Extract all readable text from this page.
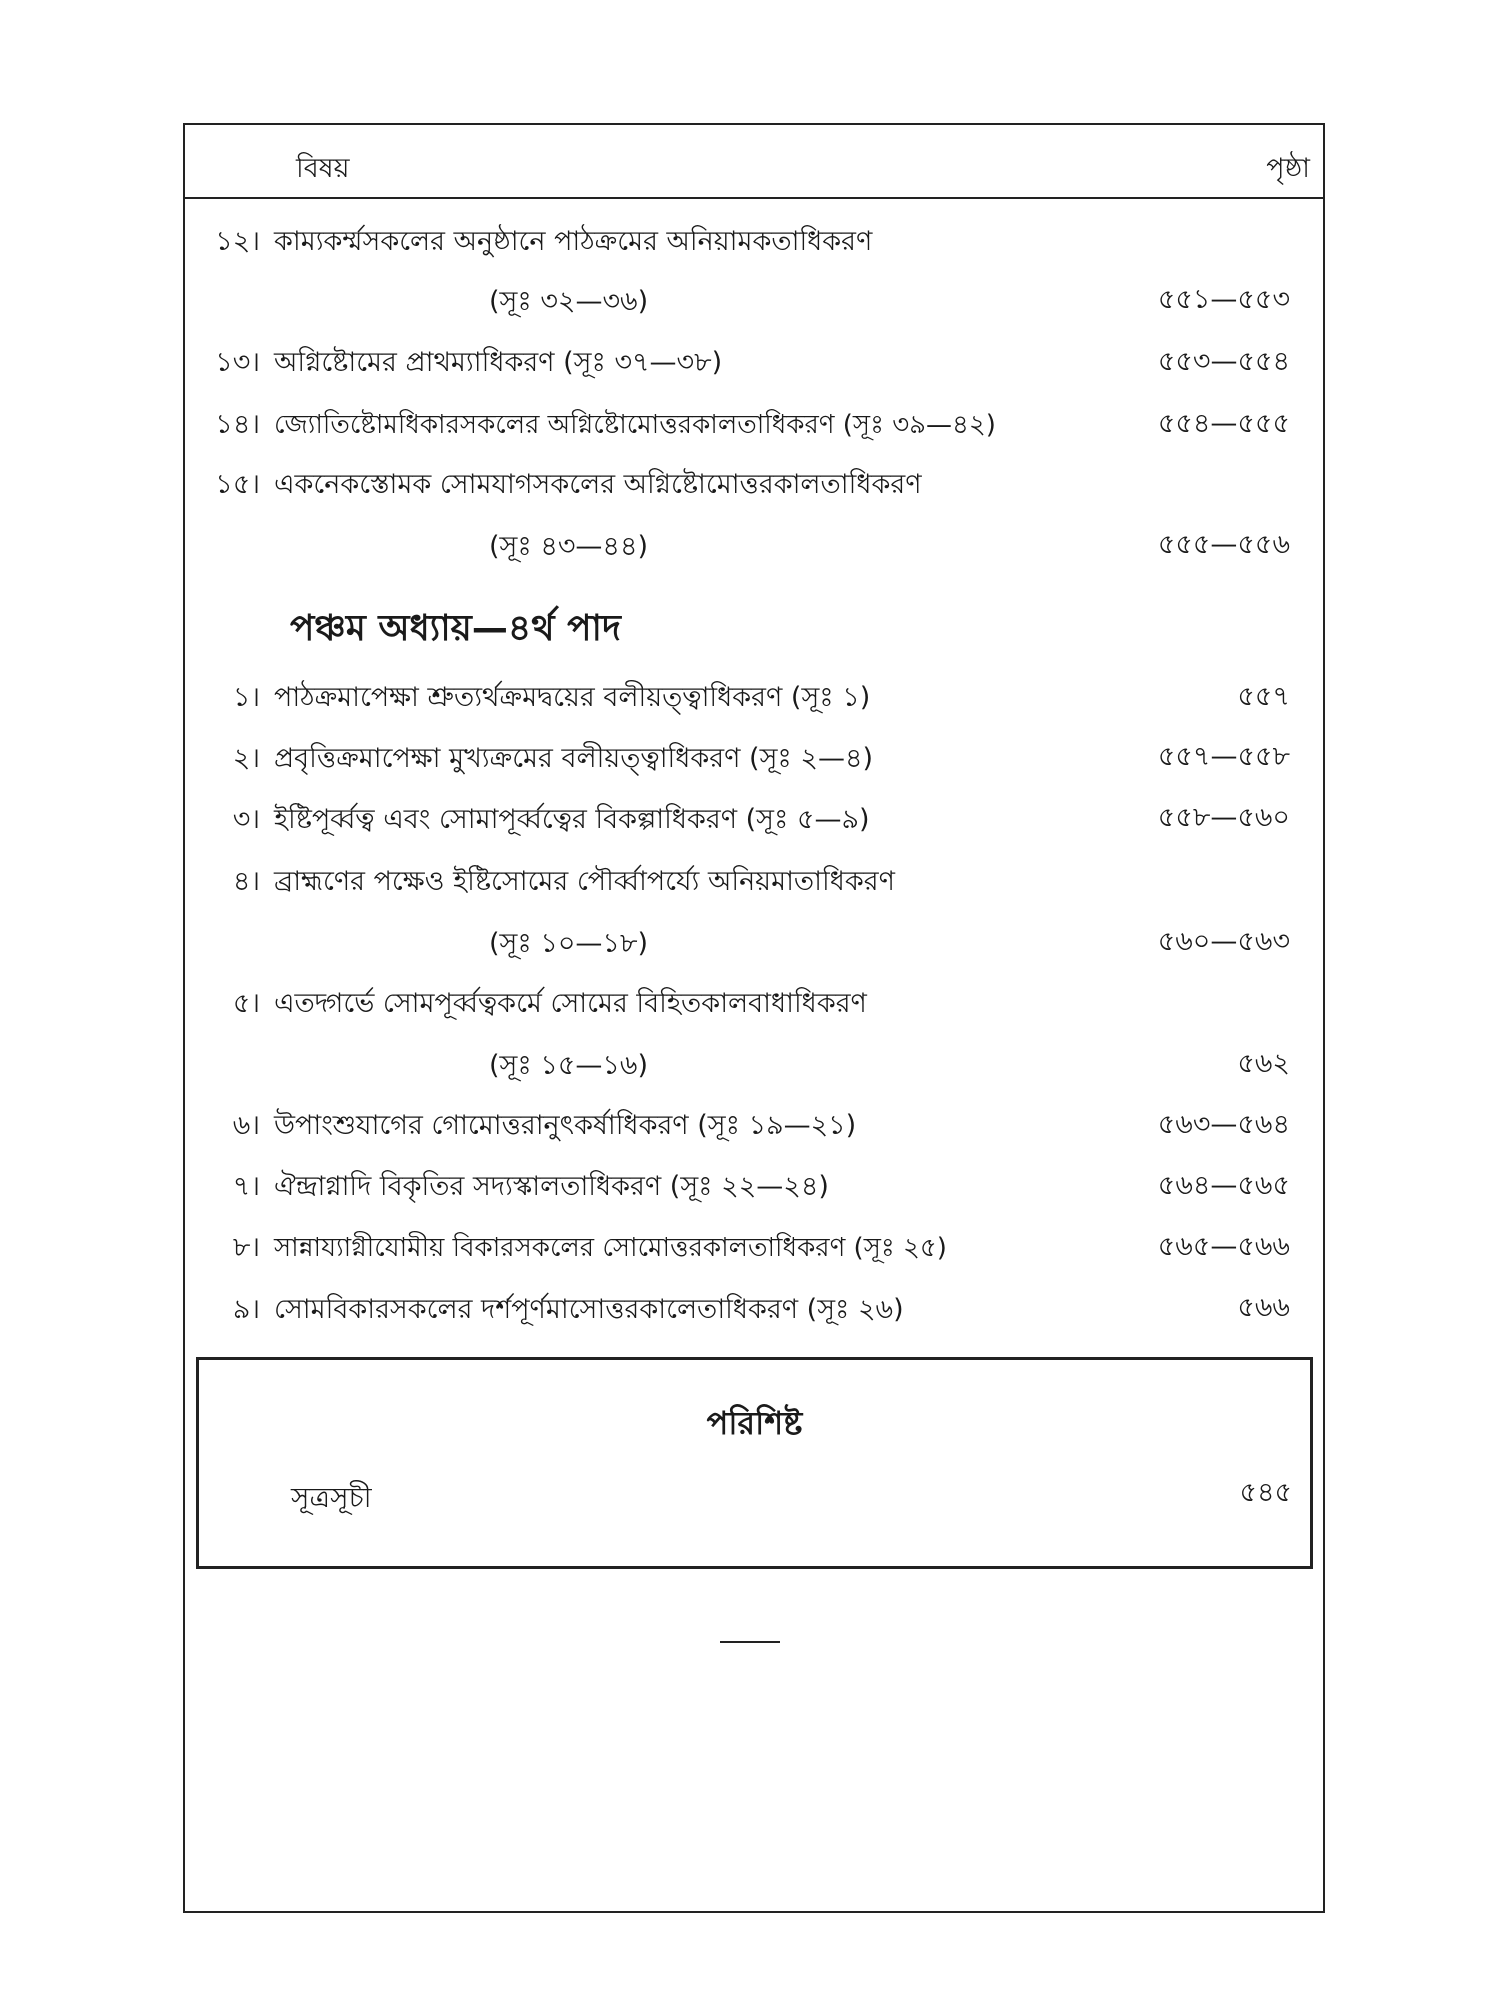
বিষয়	পৃষ্ঠা
১২। কাম্যকর্ম্মসকলের অনুষ্ঠানে পাঠক্রমের অনিয়ামকতাধিকরণ
(সূঃ ৩২—৩৬)	৫৫১—৫৫৩
১৩। অগ্নিষ্টোমের প্রাথম্যাধিকরণ (সূঃ ৩৭—৩৮)	৫৫৩—৫৫৪
১৪। জ্যোতিষ্টোমধিকারসকলের অগ্নিষ্টোমোত্তরকালতাধিকরণ (সূঃ ৩৯—৪২)	৫৫৪—৫৫৫
১৫। একনেকস্তোমক সোমযাগসকলের অগ্নিষ্টোমোত্তরকালতাধিকরণ
(সূঃ ৪৩—৪৪)	৫৫৫—৫৫৬
পঞ্চম অধ্যায়—৪র্থ পাদ
১। পাঠক্রমাপেক্ষা শ্রুত্যর্থক্রমদ্বয়ের বলীয়ত্ত্বাধিকরণ (সূঃ ১)	৫৫৭
২। প্রবৃত্তিক্রমাপেক্ষা মুখ্যক্রমের বলীয়ত্ত্বাধিকরণ (সূঃ ২—৪)	৫৫৭—৫৫৮
৩। ইষ্টিপূর্ব্বত্ব এবং সোমাপূর্ব্বত্বের বিকল্পাধিকরণ (সূঃ ৫—৯)	৫৫৮—৫৬০
৪। ব্রাহ্মণের পক্ষেও ইষ্টিসোমের পৌর্ব্বাপর্য্যে অনিয়মাতাধিকরণ
(সূঃ ১০—১৮)	৫৬০—৫৬৩
৫। এতদ্গর্ভে সোমপূর্ব্বত্বকর্মে সোমের বিহিতকালবাধাধিকরণ
(সূঃ ১৫—১৬)	৫৬২
৬। উপাংশুযাগের গোমোত্তরানুৎকর্ষাধিকরণ (সূঃ ১৯—২১)	৫৬৩—৫৬৪
৭। ঐন্দ্রাগ্নাদি বিকৃতির সদ্যস্কালতাধিকরণ (সূঃ ২২—২৪)	৫৬৪—৫৬৫
৮। সান্নায্যাগ্নীযোমীয় বিকারসকলের সোমোত্তরকালতাধিকরণ (সূঃ ২৫)	৫৬৫—৫৬৬
৯। সোমবিকারসকলের দর্শপূর্ণমাসোত্তরকালেতাধিকরণ (সূঃ ২৬)	৫৬৬
পরিশিষ্ট
সূত্রসূচী	৫৪৫
